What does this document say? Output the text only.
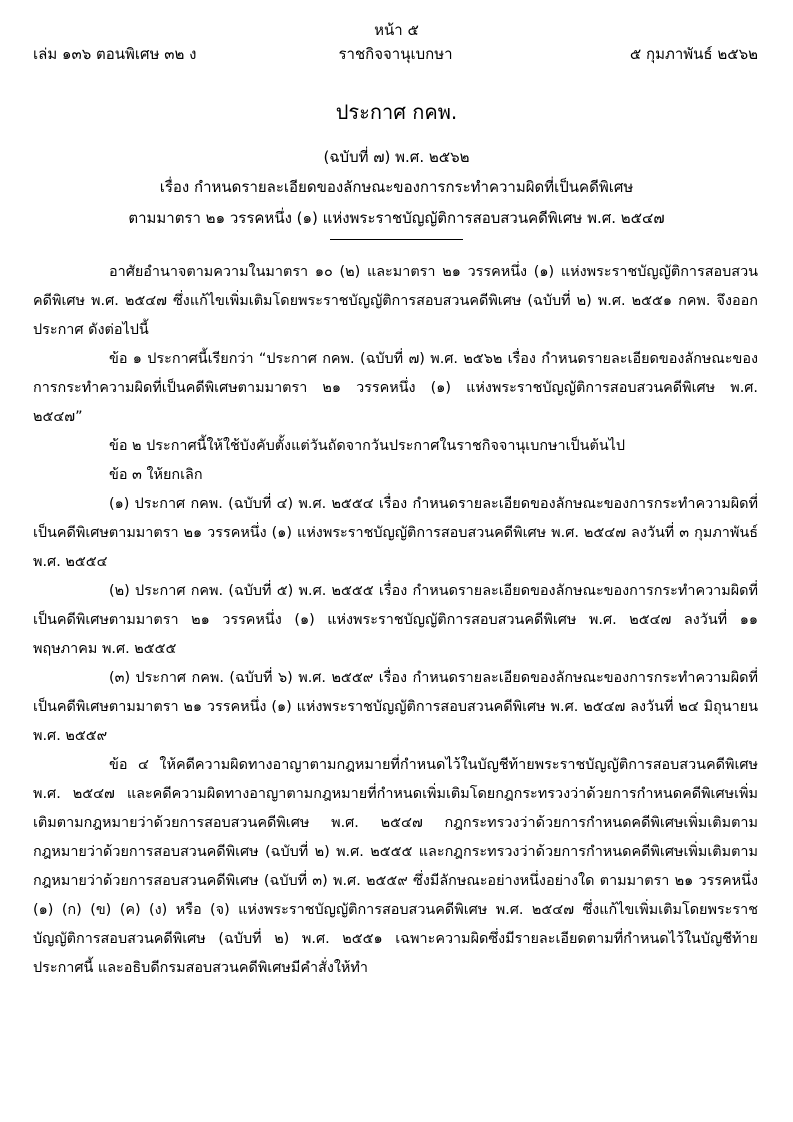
หน้า ๕
เล่ม ๑๓๖ ตอนพิเศษ ๓๒ ง	ราชกิจจานุเบกษา	๕ กุมภาพันธ์ ๒๕๖๒
ประกาศ กคพ.
(ฉบับที่ ๗) พ.ศ. ๒๕๖๒
เรื่อง กำหนดรายละเอียดของลักษณะของการกระทำความผิดที่เป็นคดีพิเศษ
ตามมาตรา ๒๑ วรรคหนึ่ง (๑) แห่งพระราชบัญญัติการสอบสวนคดีพิเศษ พ.ศ. ๒๕๔๗

อาศัยอำนาจตามความในมาตรา ๑๐ (๒) และมาตรา ๒๑ วรรคหนึ่ง (๑) แห่งพระราชบัญญัติการสอบสวนคดีพิเศษ พ.ศ. ๒๕๔๗ ซึ่งแก้ไขเพิ่มเติมโดยพระราชบัญญัติการสอบสวนคดีพิเศษ (ฉบับที่ ๒) พ.ศ. ๒๕๕๑ กคพ. จึงออกประกาศ ดังต่อไปนี้

ข้อ ๑ ประกาศนี้เรียกว่า “ประกาศ กคพ. (ฉบับที่ ๗) พ.ศ. ๒๕๖๒ เรื่อง กำหนดรายละเอียดของลักษณะของการกระทำความผิดที่เป็นคดีพิเศษตามมาตรา ๒๑ วรรคหนึ่ง (๑) แห่งพระราชบัญญัติการสอบสวนคดีพิเศษ พ.ศ. ๒๕๔๗”

ข้อ ๒ ประกาศนี้ให้ใช้บังคับตั้งแต่วันถัดจากวันประกาศในราชกิจจานุเบกษาเป็นต้นไป

ข้อ ๓ ให้ยกเลิก

(๑) ประกาศ กคพ. (ฉบับที่ ๔) พ.ศ. ๒๕๕๔ เรื่อง กำหนดรายละเอียดของลักษณะของการกระทำความผิดที่เป็นคดีพิเศษตามมาตรา ๒๑ วรรคหนึ่ง (๑) แห่งพระราชบัญญัติการสอบสวนคดีพิเศษ พ.ศ. ๒๕๔๗ ลงวันที่ ๓ กุมภาพันธ์ พ.ศ. ๒๕๕๔

(๒) ประกาศ กคพ. (ฉบับที่ ๕) พ.ศ. ๒๕๕๕ เรื่อง กำหนดรายละเอียดของลักษณะของการกระทำความผิดที่เป็นคดีพิเศษตามมาตรา ๒๑ วรรคหนึ่ง (๑) แห่งพระราชบัญญัติการสอบสวนคดีพิเศษ พ.ศ. ๒๕๔๗ ลงวันที่ ๑๑ พฤษภาคม พ.ศ. ๒๕๕๕

(๓) ประกาศ กคพ. (ฉบับที่ ๖) พ.ศ. ๒๕๕๙ เรื่อง กำหนดรายละเอียดของลักษณะของการกระทำความผิดที่เป็นคดีพิเศษตามมาตรา ๒๑ วรรคหนึ่ง (๑) แห่งพระราชบัญญัติการสอบสวนคดีพิเศษ พ.ศ. ๒๕๔๗ ลงวันที่ ๒๔ มิถุนายน พ.ศ. ๒๕๕๙

ข้อ ๔ ให้คดีความผิดทางอาญาตามกฎหมายที่กำหนดไว้ในบัญชีท้ายพระราชบัญญัติการสอบสวนคดีพิเศษ พ.ศ. ๒๕๔๗ และคดีความผิดทางอาญาตามกฎหมายที่กำหนดเพิ่มเติมโดยกฎกระทรวงว่าด้วยการกำหนดคดีพิเศษเพิ่มเติมตามกฎหมายว่าด้วยการสอบสวนคดีพิเศษ พ.ศ. ๒๕๔๗ กฎกระทรวงว่าด้วยการกำหนดคดีพิเศษเพิ่มเติมตามกฎหมายว่าด้วยการสอบสวนคดีพิเศษ (ฉบับที่ ๒) พ.ศ. ๒๕๕๕ และกฎกระทรวงว่าด้วยการกำหนดคดีพิเศษเพิ่มเติมตามกฎหมายว่าด้วยการสอบสวนคดีพิเศษ (ฉบับที่ ๓) พ.ศ. ๒๕๕๙ ซึ่งมีลักษณะอย่างหนึ่งอย่างใด ตามมาตรา ๒๑ วรรคหนึ่ง (๑) (ก) (ข) (ค) (ง) หรือ (จ) แห่งพระราชบัญญัติการสอบสวนคดีพิเศษ พ.ศ. ๒๕๔๗ ซึ่งแก้ไขเพิ่มเติมโดยพระราชบัญญัติการสอบสวนคดีพิเศษ (ฉบับที่ ๒) พ.ศ. ๒๕๕๑ เฉพาะความผิดซึ่งมีรายละเอียดตามที่กำหนดไว้ในบัญชีท้ายประกาศนี้ และอธิบดีกรมสอบสวนคดีพิเศษมีคำสั่งให้ทำ
